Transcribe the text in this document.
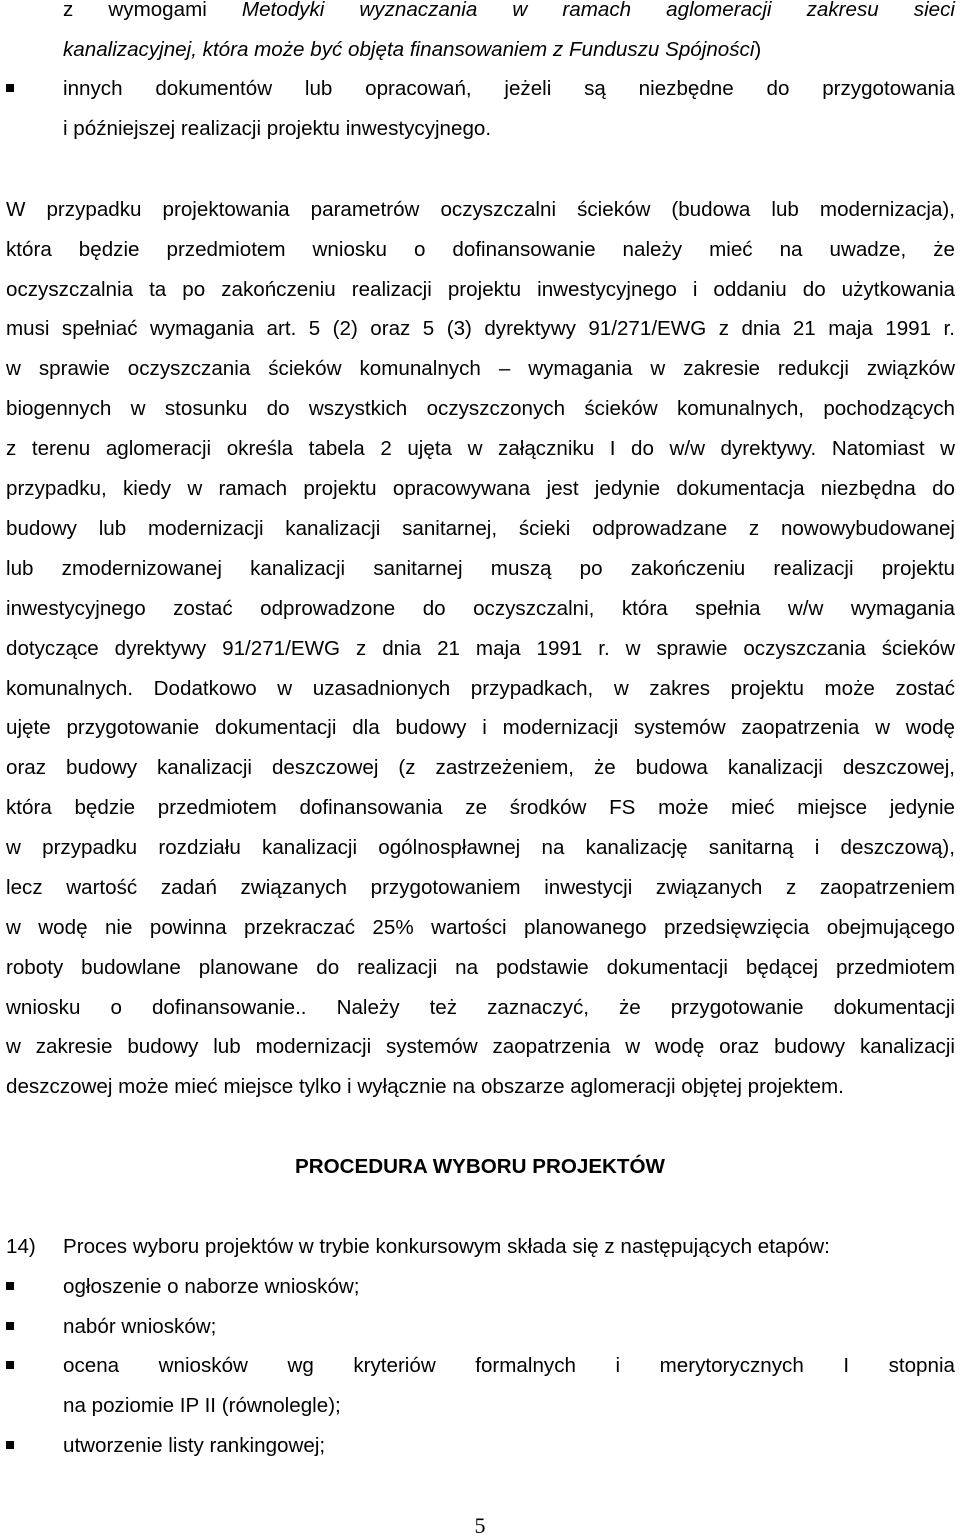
z wymogami Metodyki wyznaczania w ramach aglomeracji zakresu sieci
kanalizacyjnej, która może być objęta finansowaniem z Funduszu Spójności)
innych dokumentów lub opracowań, jeżeli są niezbędne do przygotowania
i późniejszej realizacji projektu inwestycyjnego.
W przypadku projektowania parametrów oczyszczalni ścieków (budowa lub modernizacja),
która będzie przedmiotem wniosku o dofinansowanie należy mieć na uwadze, że
oczyszczalnia ta po zakończeniu realizacji projektu inwestycyjnego i oddaniu do użytkowania
musi spełniać wymagania art. 5 (2) oraz 5 (3) dyrektywy 91/271/EWG z dnia 21 maja 1991 r.
w sprawie oczyszczania ścieków komunalnych – wymagania w zakresie redukcji związków
biogennych w stosunku do wszystkich oczyszczonych ścieków komunalnych, pochodzących
z terenu aglomeracji określa tabela 2 ujęta w załączniku I do w/w dyrektywy. Natomiast w
przypadku, kiedy w ramach projektu opracowywana jest jedynie dokumentacja niezbędna do
budowy lub modernizacji kanalizacji sanitarnej, ścieki odprowadzane z nowowybudowanej
lub zmodernizowanej kanalizacji sanitarnej muszą po zakończeniu realizacji projektu
inwestycyjnego zostać odprowadzone do oczyszczalni, która spełnia w/w wymagania
dotyczące dyrektywy 91/271/EWG z dnia 21 maja 1991 r. w sprawie oczyszczania ścieków
komunalnych. Dodatkowo w uzasadnionych przypadkach, w zakres projektu może zostać
ujęte przygotowanie dokumentacji dla budowy i modernizacji systemów zaopatrzenia w wodę
oraz budowy kanalizacji deszczowej (z zastrzeżeniem, że budowa kanalizacji deszczowej,
która będzie przedmiotem dofinansowania ze środków FS może mieć miejsce jedynie
w przypadku rozdziału kanalizacji ogólnospławnej na kanalizację sanitarną i deszczową),
lecz wartość zadań związanych przygotowaniem inwestycji związanych z zaopatrzeniem
w wodę nie powinna przekraczać 25% wartości planowanego przedsięwzięcia obejmującego
roboty budowlane planowane do realizacji na podstawie dokumentacji będącej przedmiotem
wniosku o dofinansowanie.. Należy też zaznaczyć, że przygotowanie dokumentacji
w zakresie budowy lub modernizacji systemów zaopatrzenia w wodę oraz budowy kanalizacji
deszczowej może mieć miejsce tylko i wyłącznie na obszarze aglomeracji objętej projektem.
PROCEDURA WYBORU PROJEKTÓW
14) Proces wyboru projektów w trybie konkursowym składa się z następujących etapów:
ogłoszenie o naborze wniosków;
nabór wniosków;
ocena wniosków wg kryteriów formalnych i merytorycznych I stopnia
na poziomie IP II (równolegle);
utworzenie listy rankingowej;
5
